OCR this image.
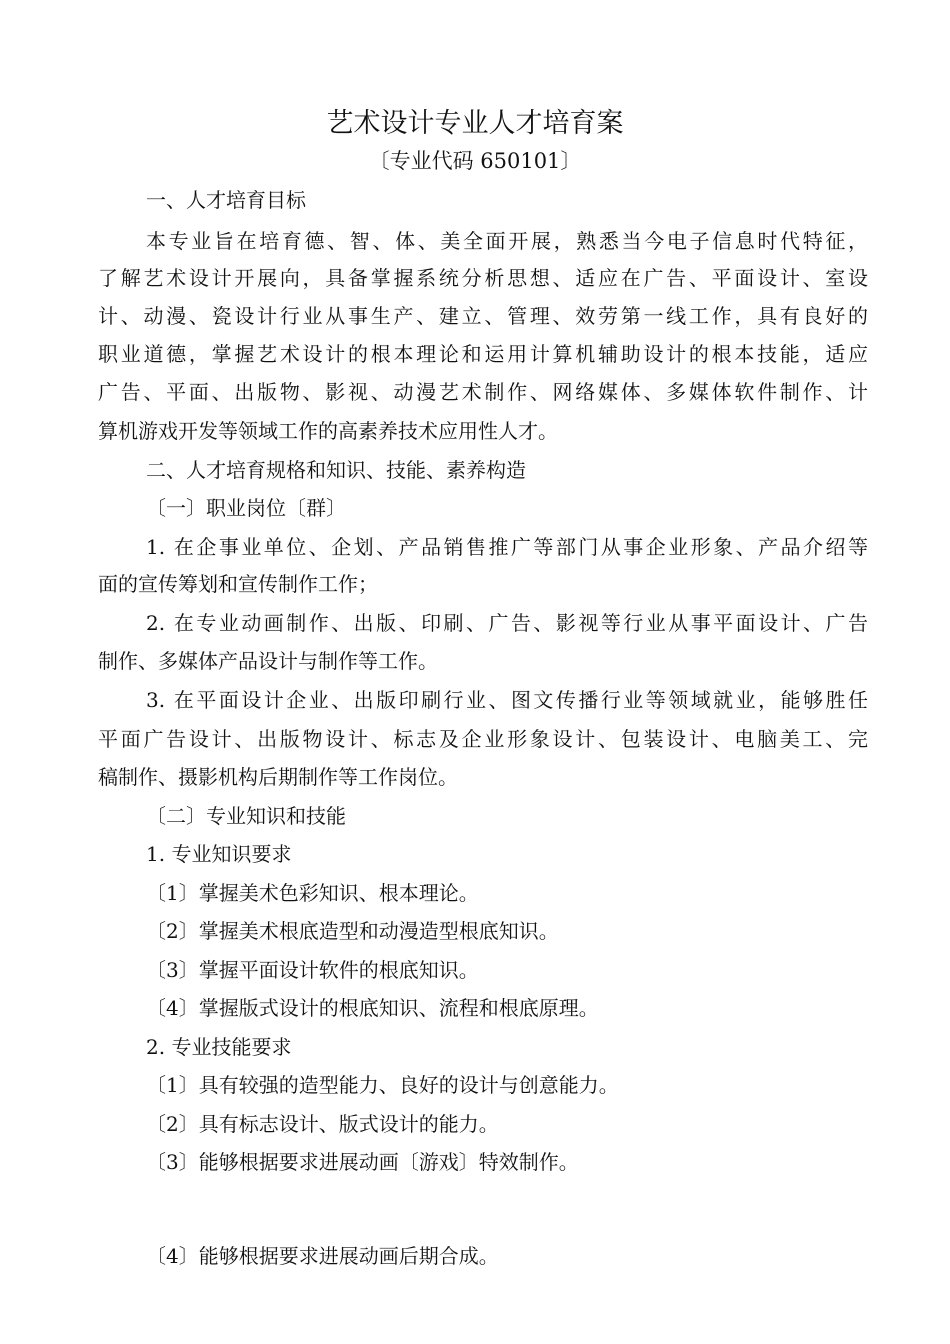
艺术设计专业人才培育案
〔专业代码 650101〕
一、人才培育目标
本专业旨在培育德、智、体、美全面开展，熟悉当今电子信息时代特征，
了解艺术设计开展向，具备掌握系统分析思想、适应在广告、平面设计、室设
计、动漫、瓷设计行业从事生产、建立、管理、效劳第一线工作，具有良好的
职业道德，掌握艺术设计的根本理论和运用计算机辅助设计的根本技能，适应
广告、平面、出版物、影视、动漫艺术制作、网络媒体、多媒体软件制作、计
算机游戏开发等领域工作的高素养技术应用性人才。
二、人才培育规格和知识、技能、素养构造
〔一〕职业岗位〔群〕
1. 在企事业单位、企划、产品销售推广等部门从事企业形象、产品介绍等
面的宣传筹划和宣传制作工作；
2. 在专业动画制作、出版、印刷、广告、影视等行业从事平面设计、广告
制作、多媒体产品设计与制作等工作。
3. 在平面设计企业、出版印刷行业、图文传播行业等领域就业，能够胜任
平面广告设计、出版物设计、标志及企业形象设计、包装设计、电脑美工、完
稿制作、摄影机构后期制作等工作岗位。
〔二〕专业知识和技能
1. 专业知识要求
〔1〕掌握美术色彩知识、根本理论。
〔2〕掌握美术根底造型和动漫造型根底知识。
〔3〕掌握平面设计软件的根底知识。
〔4〕掌握版式设计的根底知识、流程和根底原理。
2. 专业技能要求
〔1〕具有较强的造型能力、良好的设计与创意能力。
〔2〕具有标志设计、版式设计的能力。
〔3〕能够根据要求进展动画〔游戏〕特效制作。
〔4〕能够根据要求进展动画后期合成。
